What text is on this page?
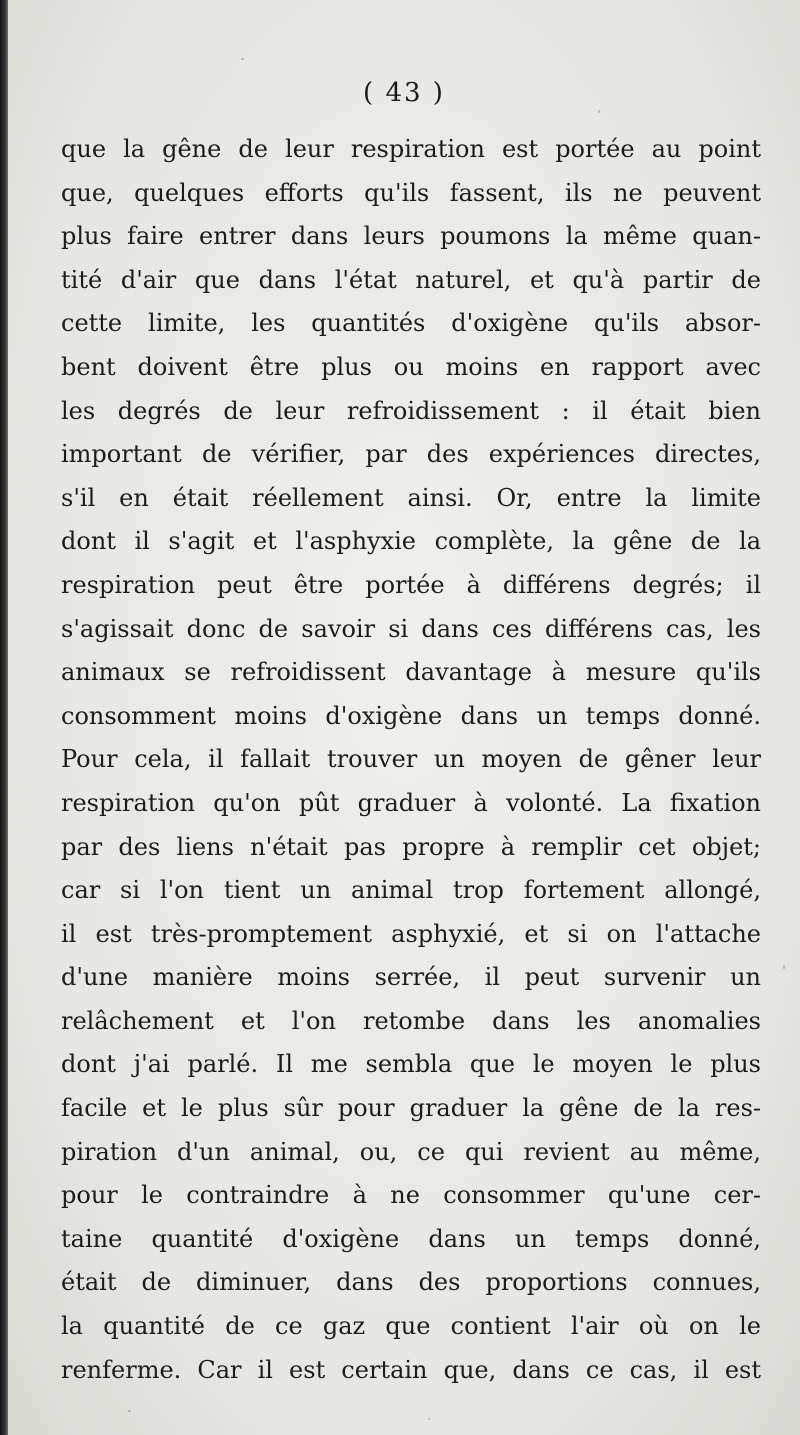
( 43 )
que la gêne de leur respiration est portée au point
que, quelques efforts qu'ils fassent, ils ne peuvent
plus faire entrer dans leurs poumons la même quan-
tité d'air que dans l'état naturel, et qu'à partir de
cette limite, les quantités d'oxigène qu'ils absor-
bent doivent être plus ou moins en rapport avec
les degrés de leur refroidissement : il était bien
important de vérifier, par des expériences directes,
s'il en était réellement ainsi. Or, entre la limite
dont il s'agit et l'asphyxie complète, la gêne de la
respiration peut être portée à différens degrés; il
s'agissait donc de savoir si dans ces différens cas, les
animaux se refroidissent davantage à mesure qu'ils
consomment moins d'oxigène dans un temps donné.
Pour cela, il fallait trouver un moyen de gêner leur
respiration qu'on pût graduer à volonté. La fixation
par des liens n'était pas propre à remplir cet objet;
car si l'on tient un animal trop fortement allongé,
il est très-promptement asphyxié, et si on l'attache
d'une manière moins serrée, il peut survenir un
relâchement et l'on retombe dans les anomalies
dont j'ai parlé. Il me sembla que le moyen le plus
facile et le plus sûr pour graduer la gêne de la res-
piration d'un animal, ou, ce qui revient au même,
pour le contraindre à ne consommer qu'une cer-
taine quantité d'oxigène dans un temps donné,
était de diminuer, dans des proportions connues,
la quantité de ce gaz que contient l'air où on le
renferme. Car il est certain que, dans ce cas, il est
